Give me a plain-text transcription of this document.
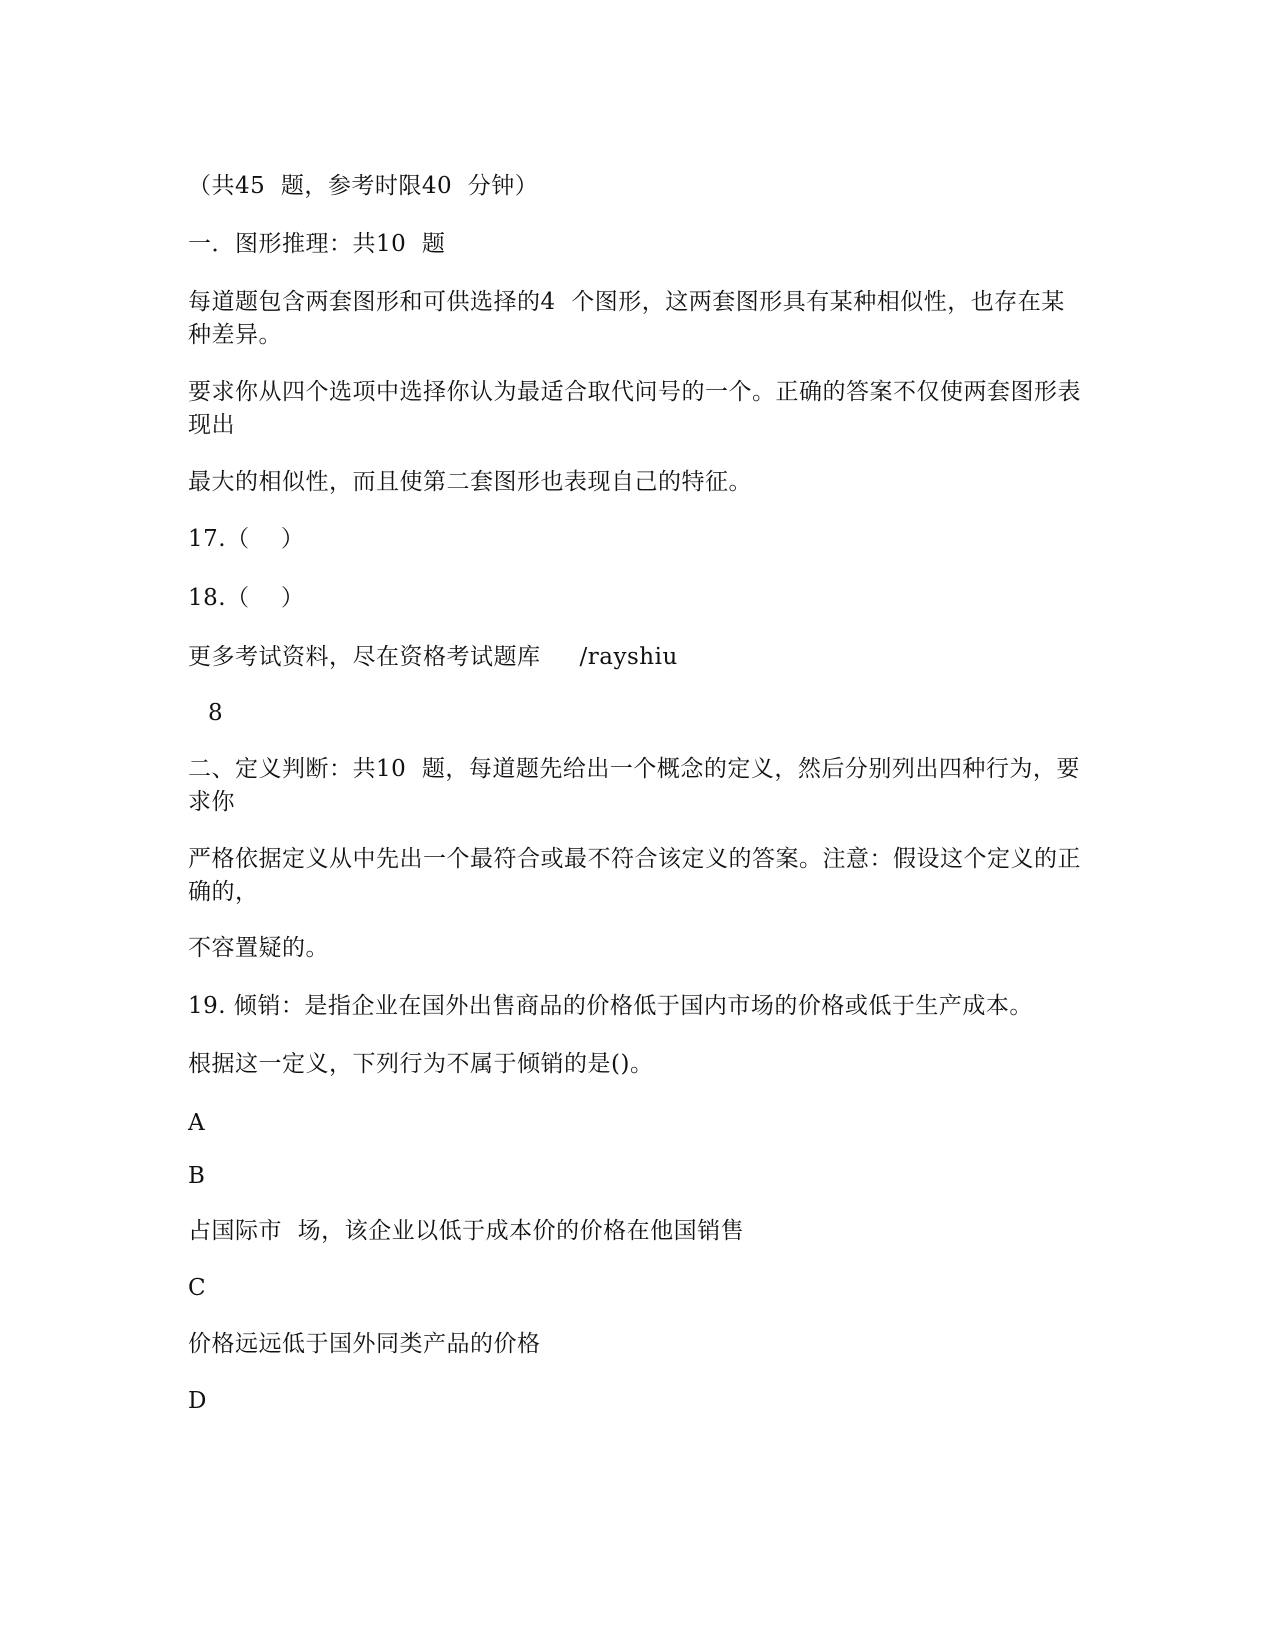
（共45  题，参考时限40  分钟）
一．图形推理：共10  题
每道题包含两套图形和可供选择的4  个图形，这两套图形具有某种相似性，也存在某种差异。
要求你从四个选项中选择你认为最适合取代问号的一个。正确的答案不仅使两套图形表现出
最大的相似性，而且使第二套图形也表现自己的特征。
17.（    ）
18.（    ）
更多考试资料，尽在资格考试题库     /rayshiu
8
二、定义判断：共10  题，每道题先给出一个概念的定义，然后分别列出四种行为，要求你
严格依据定义从中先出一个最符合或最不符合该定义的答案。注意：假设这个定义的正确的，
不容置疑的。
19. 倾销：是指企业在国外出售商品的价格低于国内市场的价格或低于生产成本。
根据这一定义，下列行为不属于倾销的是()。
A
B
占国际市  场，该企业以低于成本价的价格在他国销售
C
价格远远低于国外同类产品的价格
D
